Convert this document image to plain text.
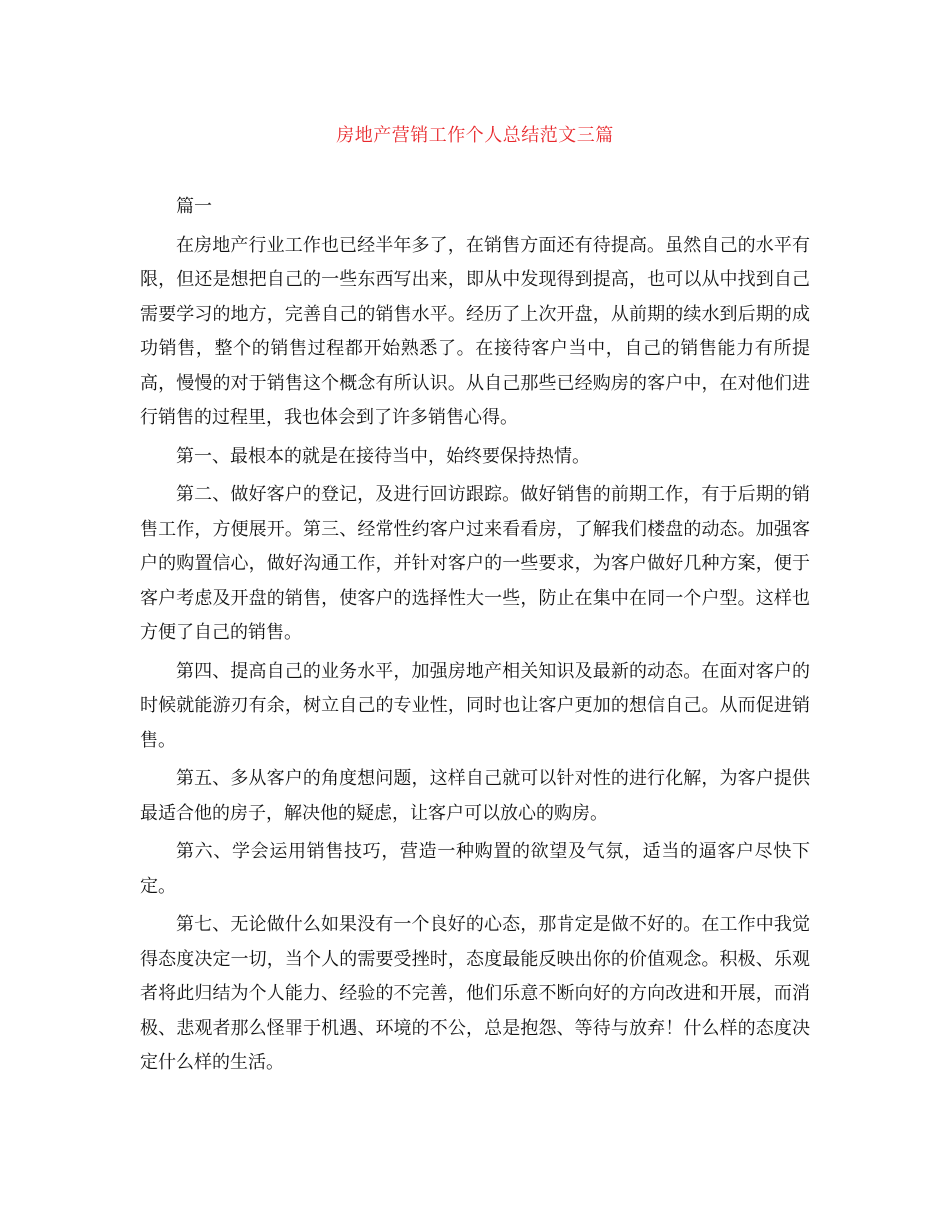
房地产营销工作个人总结范文三篇

篇一

在房地产行业工作也已经半年多了，在销售方面还有待提高。虽然自己的水平有限，但还是想把自己的一些东西写出来，即从中发现得到提高，也可以从中找到自己需要学习的地方，完善自己的销售水平。经历了上次开盘，从前期的续水到后期的成功销售，整个的销售过程都开始熟悉了。在接待客户当中，自己的销售能力有所提高，慢慢的对于销售这个概念有所认识。从自己那些已经购房的客户中，在对他们进行销售的过程里，我也体会到了许多销售心得。

第一、最根本的就是在接待当中，始终要保持热情。

第二、做好客户的登记，及进行回访跟踪。做好销售的前期工作，有于后期的销售工作，方便展开。第三、经常性约客户过来看看房，了解我们楼盘的动态。加强客户的购置信心，做好沟通工作，并针对客户的一些要求，为客户做好几种方案，便于客户考虑及开盘的销售，使客户的选择性大一些，防止在集中在同一个户型。这样也方便了自己的销售。

第四、提高自己的业务水平，加强房地产相关知识及最新的动态。在面对客户的时候就能游刃有余，树立自己的专业性，同时也让客户更加的想信自己。从而促进销售。

第五、多从客户的角度想问题，这样自己就可以针对性的进行化解，为客户提供最适合他的房子，解决他的疑虑，让客户可以放心的购房。

第六、学会运用销售技巧，营造一种购置的欲望及气氛，适当的逼客户尽快下定。

第七、无论做什么如果没有一个良好的心态，那肯定是做不好的。在工作中我觉得态度决定一切，当个人的需要受挫时，态度最能反映出你的价值观念。积极、乐观者将此归结为个人能力、经验的不完善，他们乐意不断向好的方向改进和开展，而消极、悲观者那么怪罪于机遇、环境的不公，总是抱怨、等待与放弃！什么样的态度决定什么样的生活。
